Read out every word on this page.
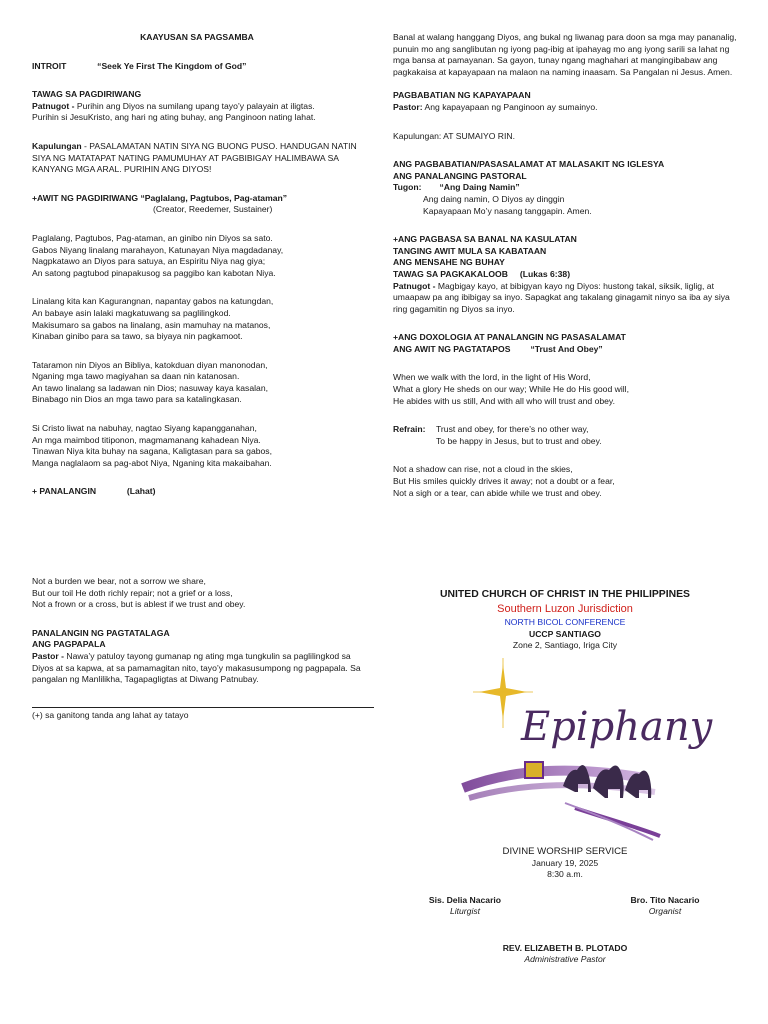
KAAYUSAN SA PAGSAMBA

INTROIT	“Seek Ye First The Kingdom of God”

TAWAG SA PAGDIRIWANG

Patnugot - Purihin ang Diyos na sumilang upang tayo’y palayain at iligtas.

Purihin si JesuKristo, ang hari ng ating buhay, ang Panginoon nating lahat.

Kapulungan - PASALAMATAN NATIN SIYA NG BUONG PUSO. HANDUGAN NATIN SIYA NG MATATAPAT NATING PAMUMUHAY AT PAGBIBIGAY HALIMBAWA SA KANYANG MGA ARAL. PURIHIN ANG DIYOS!

+AWIT NG PAGDIRIWANG “Paglalang, Pagtubos, Pag-ataman”

(Creator, Reedemer, Sustainer)

Paglalang, Pagtubos, Pag-ataman, an ginibo nin Diyos sa sato.

Gabos Niyang linalang marahayon, Katunayan Niya magdadanay,

Nagpkatawo an Diyos para satuya, an Espiritu Niya nag giya;

An satong pagtubod pinapakusog sa paggibo kan kabotan Niya.

Linalang kita kan Kagurangnan, napantay gabos na katungdan,

An babaye asin lalaki magkatuwang sa paglilingkod.

Makisumaro sa gabos na linalang, asin mamuhay na matanos,

Kinaban ginibo para sa tawo, sa biyaya nin pagkamoot.

Tataramon nin Diyos an Bibliya, katokduan diyan manonodan,

Nganing mga tawo magiyahan sa daan nin katanosan.

An tawo linalang sa ladawan nin Dios; nasuway kaya kasalan,

Binabago nin Dios an mga tawo para sa katalingkasan.

Si Cristo liwat na nabuhay, nagtao Siyang kapangganahan,

An mga maimbod titiponon, magmamanang kahadean Niya.

Tinawan Niya kita buhay na sagana, Kaligtasan para sa gabos,

Manga naglalaom sa pag-abot Niya, Nganing kita makaibahan.

+ PANALANGIN	(Lahat)

Banal at walang hanggang Diyos, ang bukal ng liwanag para doon sa mga may pananalig, punuin mo ang sanglibutan ng iyong pag-ibig at ipahayag mo ang iyong sarili sa lahat ng mga bansa at pamayanan. Sa gayon, tunay ngang maghahari at mangingibabaw ang pagkakaisa at kapayapaan na malaon na naming inaasam. Sa Pangalan ni Jesus. Amen.

PAGBABATIAN NG KAPAYAPAAN

Pastor: Ang kapayapaan ng Panginoon ay sumainyo.

Kapulungan: AT SUMAIYO RIN.

ANG PAGBABATIAN/PASASALAMAT AT MALASAKIT NG IGLESYA

ANG PANALANGING PASTORAL

Tugon: “Ang Daing Namin”

Ang daing namin, O Diyos ay dinggin

Kapayapaan Mo’y nasang tanggapin. Amen.

+ANG PAGBASA SA BANAL NA KASULATAN

TANGING AWIT MULA SA KABATAAN

ANG MENSAHE NG BUHAY

TAWAG SA PAGKAKALOOB (Lukas 6:38)

Patnugot - Magbigay kayo, at bibigyan kayo ng Diyos: hustong takal, siksik, liglig, at umaapaw pa ang ibibigay sa inyo. Sapagkat ang takalang ginagamit ninyo sa iba ay siya ring gagamitin ng Diyos sa inyo.

+ANG DOXOLOGIA AT PANALANGIN NG PASASALAMAT

ANG AWIT NG PAGTATAPOS “Trust And Obey”

When we walk with the lord, in the light of His Word,

What a glory He sheds on our way; While He do His good will,

He abides with us still, And with all who will trust and obey.

Refrain: Trust and obey, for there’s no other way,

To be happy in Jesus, but to trust and obey.

Not a shadow can rise, not a cloud in the skies,

But His smiles quickly drives it away; not a doubt or a fear,

Not a sigh or a tear, can abide while we trust and obey.

Not a burden we bear, not a sorrow we share,

But our toil He doth richly repair; not a grief or a loss,

Not a frown or a cross, but is ablest if we trust and obey.

PANALANGIN NG PAGTATALAGA

ANG PAGPAPALA

Pastor - Nawa’y patuloy tayong gumanap ng ating mga tungkulin sa paglilingkod sa Diyos at sa kapwa, at sa pamamagitan nito, tayo’y makasusumpong ng pagpapala. Sa pangalan ng Manlilikha, Tagapagligtas at Diwang Patnubay.

(+) sa ganitong tanda ang lahat ay tatayo

UNITED CHURCH OF CHRIST IN THE PHILIPPINES

Southern Luzon Jurisdiction

NORTH BICOL CONFERENCE

UCCP SANTIAGO

Zone 2, Santiago, Iriga City

Epiphany

DIVINE WORSHIP SERVICE

January 19, 2025

8:30 a.m.

Sis. Delia Nacario

Liturgist

Bro. Tito Nacario

Organist

REV. ELIZABETH B. PLOTADO

Administrative Pastor
